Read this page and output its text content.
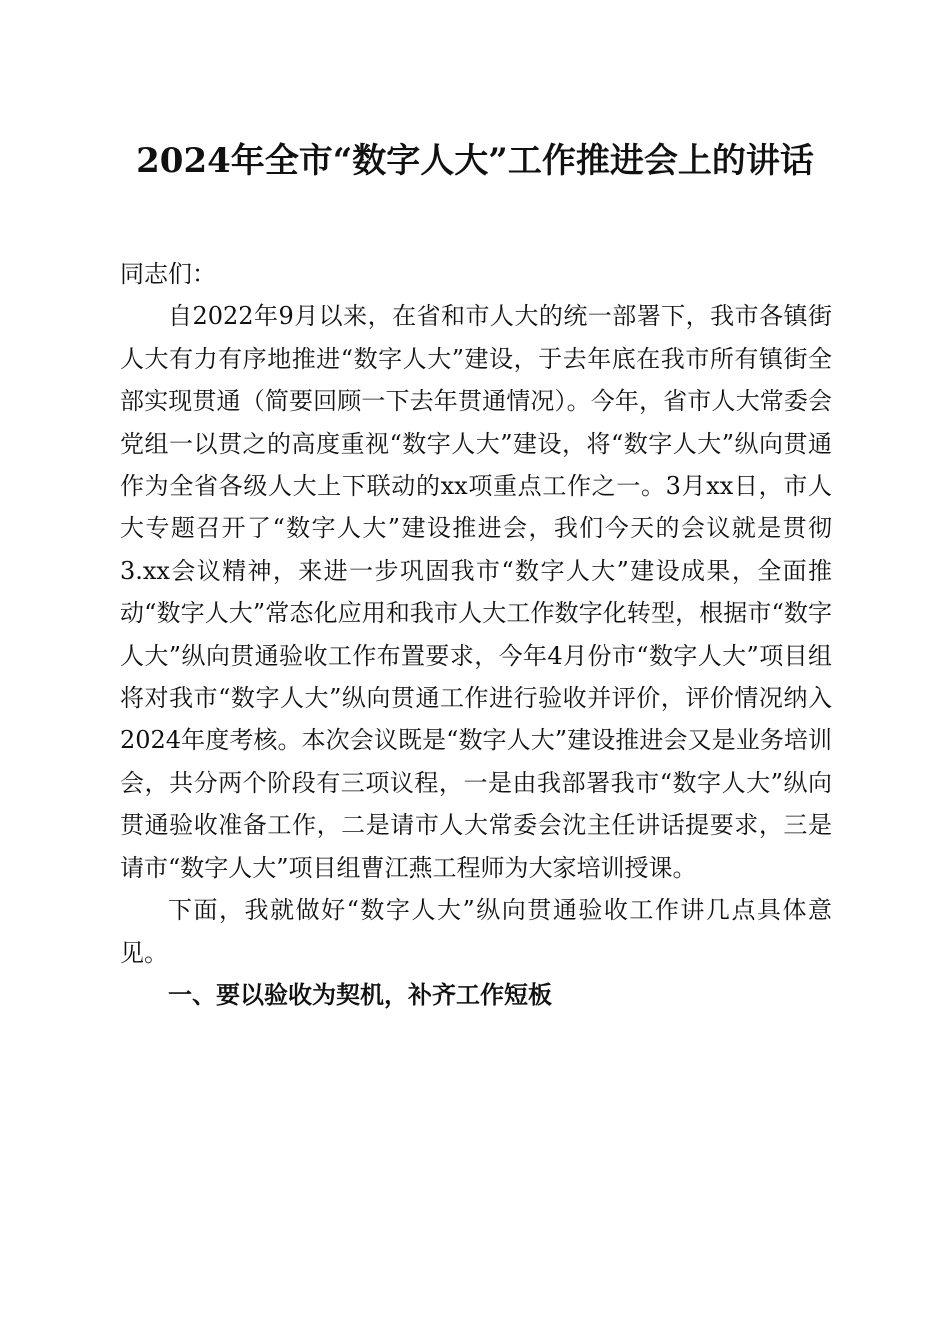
2024年全市“数字人大”工作推进会上的讲话

同志们：

自2022年9月以来，在省和市人大的统一部署下，我市各镇街人大有力有序地推进“数字人大”建设，于去年底在我市所有镇街全部实现贯通（简要回顾一下去年贯通情况）。今年，省市人大常委会党组一以贯之的高度重视“数字人大”建设，将“数字人大”纵向贯通作为全省各级人大上下联动的xx项重点工作之一。3月xx日，市人大专题召开了“数字人大”建设推进会，我们今天的会议就是贯彻3.xx会议精神，来进一步巩固我市“数字人大”建设成果，全面推动“数字人大”常态化应用和我市人大工作数字化转型，根据市“数字人大”纵向贯通验收工作布置要求，今年4月份市“数字人大”项目组将对我市“数字人大”纵向贯通工作进行验收并评价，评价情况纳入2024年度考核。本次会议既是“数字人大”建设推进会又是业务培训会，共分两个阶段有三项议程，一是由我部署我市“数字人大”纵向贯通验收准备工作，二是请市人大常委会沈主任讲话提要求，三是请市“数字人大”项目组曹江燕工程师为大家培训授课。

下面，我就做好“数字人大”纵向贯通验收工作讲几点具体意见。

一、要以验收为契机，补齐工作短板
